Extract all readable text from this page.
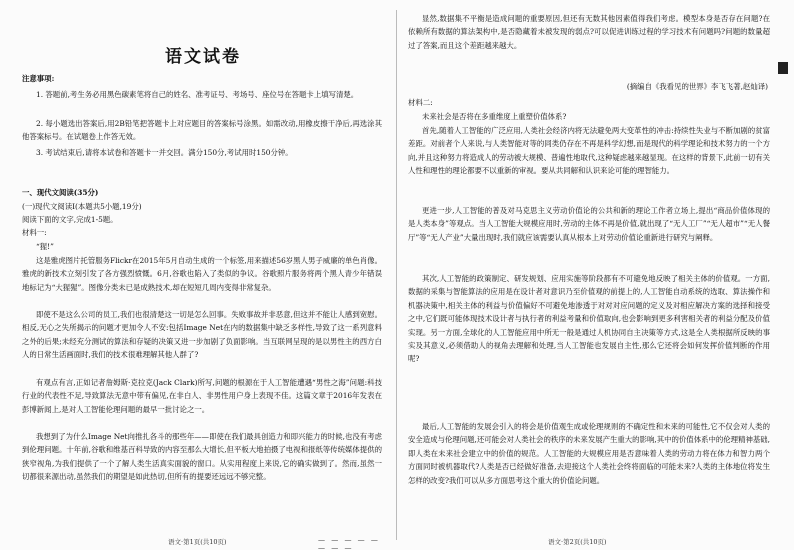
语文试卷

注意事项:

1. 答题前,考生务必用黑色碳素笔将自己的姓名、准考证号、考场号、座位号在答题卡上填写清楚。

2. 每小题选出答案后,用2B铅笔把答题卡上对应题目的答案标号涂黑。如需改动,用橡皮擦干净后,再选涂其他答案标号。在试题卷上作答无效。

3. 考试结束后,请将本试卷和答题卡一并交回。满分150分,考试用时150分钟。

一、现代文阅读(35分)

(一)现代文阅读Ⅰ(本题共5小题,19分)

阅读下面的文字,完成1-5题。

材料一:

“猩!”

这是雅虎图片托管服务Flickr在2015年5月自动生成的一个标签,用来描述56岁黑人男子威廉的单色肖像。雅虎的新技术立刻引发了各方强烈愤慨。6月,谷歌也陷入了类似的争议。谷歌照片服务将两个黑人青少年错误地标记为“大猩猩”。图像分类未已是成熟技术,却在短短几周内变得非常复杂。

即使不是这么公司的员工,我们也很清楚这一切是怎么回事。失败事故并非恶意,但这并不能让人感到宽慰。相反,无心之失所揭示的问题才更加令人不安:包括Image Net在内的数据集中缺乏多样性,导致了这一系列意料之外的后果;未经充分测试的算法和存疑的决策又进一步加剧了负面影响。当互联网呈现的是以男性主的西方白人的日常生活画面时,我们的技术很难理解其他人群了?

有观点有言,正如记者詹姆斯·克拉克(Jack Clark)所写,问题的根源在于人工智能遭遇“男性之海”问题:科技行业的代表性不足,导致算法无意中带有偏见,在非白人、非男性用户身上表现不佳。这篇文章于2016年发表在彭博新闻上,是对人工智能伦理问题的最早一批讨论之一。

我想到了为什么Image Net向推扎各斗的那些年——即使在我们最具创造力和即兴能力的时候,也没有考虑到伦理问题。十年前,谷歌和维基百科导致的内容至那么大增长,但平板大地拍摄了电视和报纸等传统媒体提供的狭窄视角,为我们提供了一个了解人类生活真实面貌的窗口。从实用程度上来说,它的确实做到了。然而,虽然一切都很来源出动,虽然我们的期望是如此热切,但所有的提要还远远不够完整。

语文·第1页(共10页)	— — — — — — — —

显然,数据集不平衡是造成问题的重要原因,但还有无数其他因素值得我们考虑。模型本身是否存在问题?在依赖所有数据的算法架构中,是否隐藏着未被发现的弱点?可以促进训练过程的学习技术有问题吗?问题的数量超过了答案,而且这个差距越来越大。

(摘编自《我看见的世界》李飞飞著,赵灿译)

材料二:

未来社会是否将在多重维度上重塑价值体系?

首先,随着人工智能的广泛应用,人类社会经济内将无法避免两大变革性的冲击:持续性失业与不断加剧的贫富差距。对前者个人来说,与人类智能对等的同类仍存在不再是科学幻想,而是现代的科学理论和技术努力的一个方向,并且这种努力将造成人的劳动被大规模、普遍性地取代,这种疑虑越来越显现。在这样的背景下,此前一切有关人性和理性的理论都要不以重新的审视。要从共同解和认识来论可能的理智能力。

更进一步,人工智能的普及对马克思主义劳动价值论的公共和新的理论工作者立场上,提出“商品价值体现的是人类本身”等观点。当人工智能大规模应用时,劳动的主体不再是价值,就出现了“无人工厂”“无人超市”“无人餐厅”等“无人产业”大量出现时,我们就应该需要认真从根本上对劳动价值论重新进行研究与阐释。

其次,人工智能的政策制定、研发规划、应用实施等阶段都有不可避免地反映了相关主体的价值观。一方面,数据的采集与智能算法的应用是在设计者对意识乃至价值观的前提上的,人工智能自动系统的选取、算法操作和机器决策中,相关主体的利益与价值偏好不可避免地渗透于对对对应问题的定义及对相应解决方案的选择和接受之中,它们既可能体现技术设计者与执行者的利益考量和价值取向,也会影响到更多利害相关者的利益分配及价值实现。另一方面,全球化的人工智能应用中所无一般是通过人机协同自主决策等方式,这是全人类根据所反映的事实及其意义,必须借助人的视角去理解和处理,当人工智能也发展自主性,那么它还将会如何发挥价值判断的作用呢?

最后,人工智能的发展会引入的将会是价值观生成或伦理规则的不确定性和未来的可能性,它不仅会对人类的安全造成与伦理问题,还可能会对人类社会的秩序的未来发展产生重大的影响,其中的价值体系中的伦理精神基础,即人类在未来社会建立中的价值的规范。人工智能的大规模应用是否意味着人类的劳动力将在体力和智力两个方面同时被机器取代?人类是否已经做好准备,去迎接这个人类社会终将面临的可能未来?人类的主体地位将发生怎样的改变?我们可以从多方面思考这个重大的价值论问题。

语文·第2页(共10页)
